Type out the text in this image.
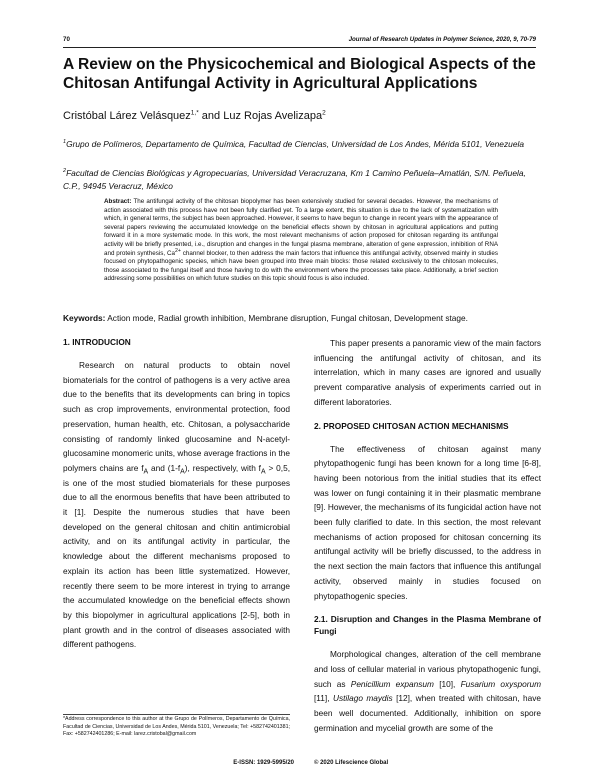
70	Journal of Research Updates in Polymer Science, 2020, 9, 70-79
A Review on the Physicochemical and Biological Aspects of the Chitosan Antifungal Activity in Agricultural Applications
Cristóbal Lárez Velásquez$^{1,*}$ and Luz Rojas Avelizapa$^2$
$^1$Grupo de Polímeros, Departamento de Química, Facultad de Ciencias, Universidad de Los Andes, Mérida 5101, Venezuela
$^2$Facultad de Ciencias Biológicas y Agropecuarias, Universidad Veracruzana, Km 1 Camino Peñuela–Amatlán, S/N. Peñuela, C.P., 94945 Veracruz, México
Abstract: The antifungal activity of the chitosan biopolymer has been extensively studied for several decades. However, the mechanisms of action associated with this process have not been fully clarified yet. To a large extent, this situation is due to the lack of systematization with which, in general terms, the subject has been approached. However, it seems to have begun to change in recent years with the appearance of several papers reviewing the accumulated knowledge on the beneficial effects shown by chitosan in agricultural applications and putting forward it in a more systematic mode. In this work, the most relevant mechanisms of action proposed for chitosan regarding its antifungal activity will be briefly presented, i.e., disruption and changes in the fungal plasma membrane, alteration of gene expression, inhibition of RNA and protein synthesis, $Ca^{2+}$ channel blocker, to then address the main factors that influence this antifungal activity, observed mainly in studies focused on phytopathogenic species, which have been grouped into three main blocks: those related exclusively to the chitosan molecules, those associated to the fungal itself and those having to do with the environment where the processes take place. Additionally, a brief section addressing some possibilities on which future studies on this topic should focus is also included.
Keywords: Action mode, Radial growth inhibition, Membrane disruption, Fungal chitosan, Development stage.
1. INTRODUCION

Research on natural products to obtain novel biomaterials for the control of pathogens is a very active area due to the benefits that its developments can bring in topics such as crop improvements, environmental protection, food preservation, human health, etc. Chitosan, a polysaccharide consisting of randomly linked glucosamine and N-acetyl-glucosamine monomeric units, whose average fractions in the polymers chains are $f_A$ and $(1-f_A)$, respectively, with $f_A > 0,5$, is one of the most studied biomaterials for these purposes due to all the enormous benefits that have been attributed to it [1]. Despite the numerous studies that have been developed on the general chitosan and chitin antimicrobial activity, and on its antifungal activity in particular, the knowledge about the different mechanisms proposed to explain its action has been little systematized. However, recently there seem to be more interest in trying to arrange the accumulated knowledge on the beneficial effects shown by this biopolymer in agricultural applications [2-5], both in plant growth and in the control of diseases associated with different pathogens.

This paper presents a panoramic view of the main factors influencing the antifungal activity of chitosan, and its interrelation, which in many cases are ignored and usually prevent comparative analysis of experiments carried out in different laboratories.

2. PROPOSED CHITOSAN ACTION MECHANISMS

The effectiveness of chitosan against many phytopathogenic fungi has been known for a long time [6-8], having been notorious from the initial studies that its effect was lower on fungi containing it in their plasmatic membrane [9]. However, the mechanisms of its fungicidal action have not been fully clarified to date. In this section, the most relevant mechanisms of action proposed for chitosan concerning its antifungal activity will be briefly discussed, to the address in the next section the main factors that influence this antifungal activity, observed mainly in studies focused on phytopathogenic species.

2.1. Disruption and Changes in the Plasma Membrane of Fungi

Morphological changes, alteration of the cell membrane and loss of cellular material in various phytopathogenic fungi, such as Penicillium expansum [10], Fusarium oxysporum [11], Ustilago maydis [12], when treated with chitosan, have been well documented. Additionally, inhibition on spore germination and mycelial growth are some of the

*Address correspondence to this author at the Grupo de Polímeros, Departamento de Química, Facultad de Ciencias, Universidad de Los Andes, Mérida 5101, Venezuela; Tel: +582742401381; Fax: +582742401286; E-mail: larez.cristobal@gmail.com
E-ISSN: 1929-5995/20	© 2020 Lifescience Global
